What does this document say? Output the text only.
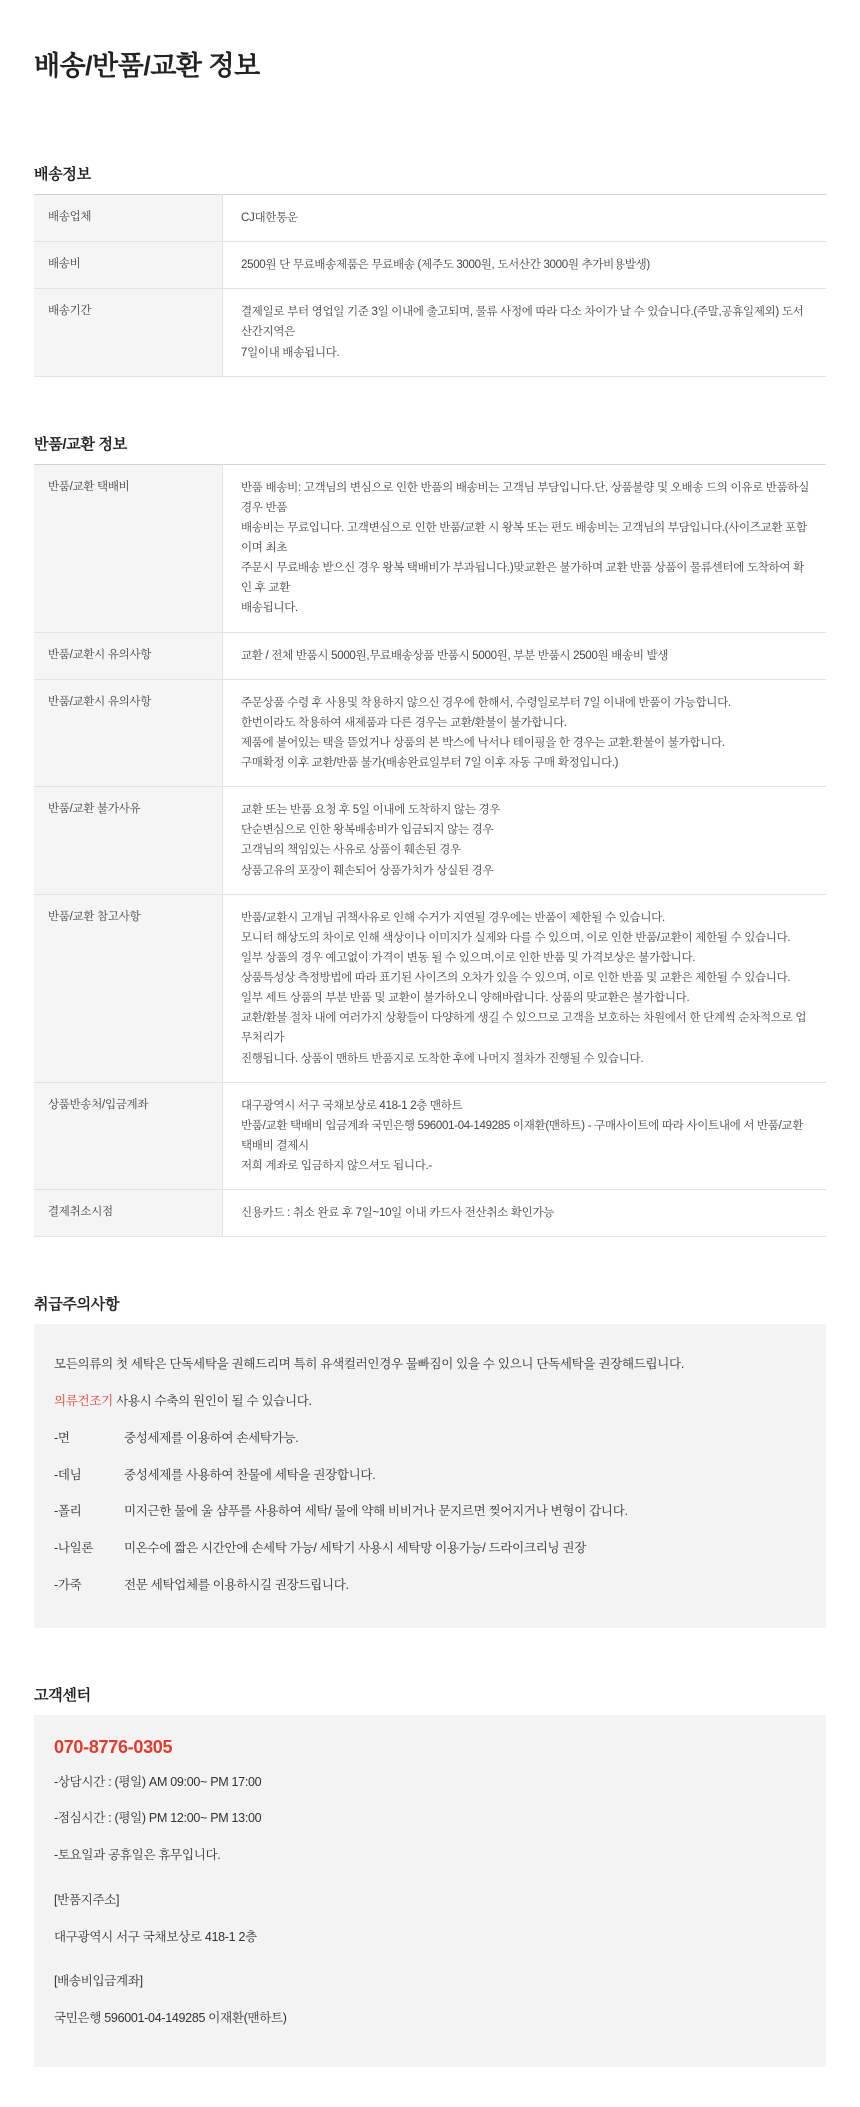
배송/반품/교환 정보
배송정보
배송업체	CJ대한통운

배송비	2500원 단 무료배송제품은 무료배송 (제주도 3000원, 도서산간 3000원 추가비용발생)

배송기간	결제일로 부터 영업일 기준 3일 이내에 출고되며, 물류 사정에 따라 다소 차이가 날 수 있습니다.(주말,공휴일제외) 도서산간지역은
7일이내 배송됩니다.
반품/교환 정보
반품/교환 택배비	반품 배송비: 고객님의 변심으로 인한 반품의 배송비는 고객님 부담입니다.단, 상품불량 및 오배송 드의 이유로 반품하실 경우 반품
배송비는 무료입니다. 고객변심으로 인한 반품/교환 시 왕복 또는 편도 배송비는 고객님의 부담입니다.(사이즈교환 포함이며 최초
주문시 무료배송 받으신 경우 왕복 택배비가 부과됩니다.)맞교환은 불가하며 교환 반품 상품이 물류센터에 도착하여 확인 후 교환
배송됩니다.

반품/교환시 유의사항	교환 / 전체 반품시 5000원,무료배송상품 반품시 5000원, 부분 반품시 2500원 배송비 발생

반품/교환시 유의사항	주문상품 수령 후 사용및 착용하지 않으신 경우에 한해서, 수령일로부터 7일 이내에 반품이 가능합니다.
한번이라도 착용하여 새제품과 다른 경우는 교환/환불이 불가합니다.
제품에 붙어있는 택을 뜯었거나 상품의 본 박스에 낙서나 테이핑을 한 경우는 교환.환불이 불가합니다.
구매확정 이후 교환/반품 불가(배송완료일부터 7일 이후 자동 구매 확정입니다.)

반품/교환 불가사유	교환 또는 반품 요청 후 5일 이내에 도착하지 않는 경우
단순변심으로 인한 왕복배송비가 입금되지 않는 경우
고객님의 책임있는 사유로 상품이 훼손된 경우
상품고유의 포장이 훼손되어 상품가치가 상실된 경우

반품/교환 참고사항	반품/교환시 고개님 귀책사유로 인해 수거가 지연될 경우에는 반품이 제한될 수 있습니다.
모니터 해상도의 차이로 인해 색상이나 이미지가 실제와 다를 수 있으며, 이로 인한 반품/교환이 제한될 수 있습니다.
일부 상품의 경우 예고없이 가격이 변동 될 수 있으며,이로 인한 반품 및 가격보상은 불가합니다.
상품특성상 측정방법에 따라 표기된 사이즈의 오차가 있을 수 있으며, 이로 인한 반품 및 교환은 제한될 수 있습니다.
일부 세트 상품의 부분 반품 및 교환이 불가하오니 양해바랍니다. 상품의 맞교환은 불가합니다.
교환/환불 절차 내에 여러가지 상황들이 다양하게 생길 수 있으므로 고객을 보호하는 차원에서 한 단계씩 순차적으로 업무처리가
진행됩니다. 상품이 맨하트 반품지로 도착한 후에 나머지 절차가 진행될 수 있습니다.

상품반송처/입금계좌	대구광역시 서구 국채보상로 418-1 2층 맨하트
반품/교환 택배비 입금계좌 국민은행 596001-04-149285 이재환(맨하트) - 구매사이트에 따라 사이트내에 서 반품/교환 택배비 결제시
저희 계좌로 입금하지 않으셔도 됩니다.-

결제취소시점	신용카드 : 취소 완료 후 7일~10일 이내 카드사 전산취소 확인가능
취급주의사항
모든의류의 첫 세탁은 단독세탁을 권해드리며 특히 유색컬러인경우 물빠짐이 있을 수 있으니 단독세탁을 권장해드립니다.
의류건조기 사용시 수축의 원인이 될 수 있습니다.
-면	중성세제를 이용하여 손세탁가능.
-데님	중성세제를 사용하여 찬물에 세탁을 권장합니다.
-폴리	미지근한 물에 울 샴푸를 사용하여 세탁/ 물에 약해 비비거나 문지르면 찢어지거나 변형이 갑니다.
-나일론	미온수에 짧은 시간안에 손세탁 가능/ 세탁기 사용시 세탁망 이용가능/ 드라이크리닝 권장
-가죽	전문 세탁업체를 이용하시길 권장드립니다.
고객센터
070-8776-0305
-상담시간 : (평일) AM 09:00~ PM 17:00
-점심시간 : (평일) PM 12:00~ PM 13:00
-토요일과 공휴일은 휴무입니다.
[반품지주소]
대구광역시 서구 국채보상로 418-1 2층
[배송비입금계좌]
국민은행 596001-04-149285 이재환(맨하트)
